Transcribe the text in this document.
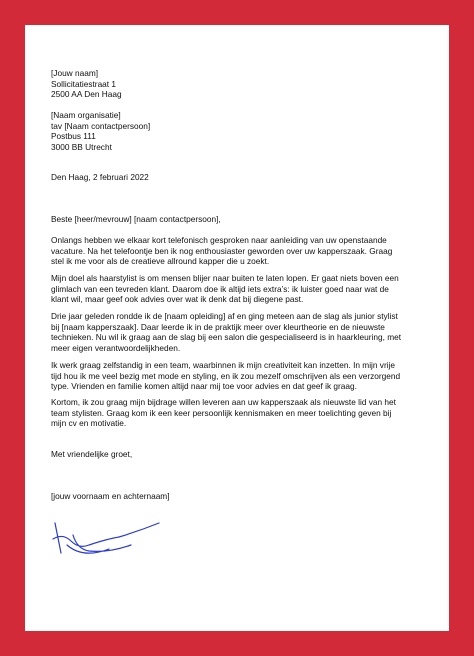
[Jouw naam]
Sollicitatiestraat 1
2500 AA Den Haag
[Naam organisatie]
tav [Naam contactpersoon]
Postbus 111
3000 BB Utrecht
Den Haag, 2 februari 2022
Beste [heer/mevrouw] [naam contactpersoon],
Onlangs hebben we elkaar kort telefonisch gesproken naar aanleiding van uw openstaande
vacature. Na het telefoontje ben ik nog enthousiaster geworden over uw kapperszaak. Graag
stel ik me voor als de creatieve allround kapper die u zoekt.
Mijn doel als haarstylist is om mensen blijer naar buiten te laten lopen. Er gaat niets boven een
glimlach van een tevreden klant. Daarom doe ik altijd iets extra’s: ik luister goed naar wat de
klant wil, maar geef ook advies over wat ik denk dat bij diegene past.
Drie jaar geleden rondde ik de [naam opleiding] af en ging meteen aan de slag als junior stylist
bij [naam kapperszaak]. Daar leerde ik in de praktijk meer over kleurtheorie en de nieuwste
technieken. Nu wil ik graag aan de slag bij een salon die gespecialiseerd is in haarkleuring, met
meer eigen verantwoordelijkheden.
Ik werk graag zelfstandig in een team, waarbinnen ik mijn creativiteit kan inzetten. In mijn vrije
tijd hou ik me veel bezig met mode en styling, en ik zou mezelf omschrijven als een verzorgend
type. Vrienden en familie komen altijd naar mij toe voor advies en dat geef ik graag.
Kortom, ik zou graag mijn bijdrage willen leveren aan uw kapperszaak als nieuwste lid van het
team stylisten. Graag kom ik een keer persoonlijk kennismaken en meer toelichting geven bij
mijn cv en motivatie.
Met vriendelijke groet,
[jouw voornaam en achternaam]
